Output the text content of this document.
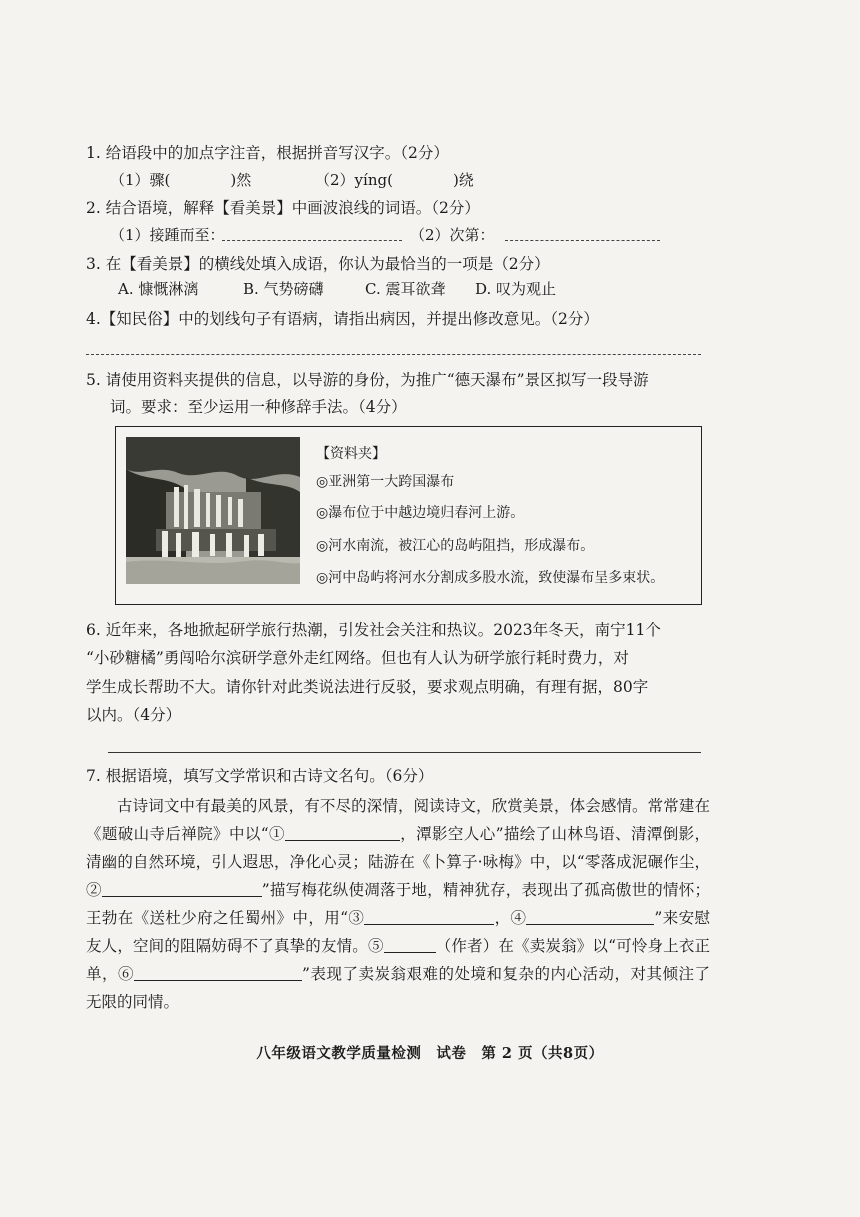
1. 给语段中的加点字注音，根据拼音写汉字。（2分）
（1）骤(	)然	（2）yíng(	)绕
2. 结合语境，解释【看美景】中画波浪线的词语。（2分）
（1）接踵而至：	（2）次第：
3. 在【看美景】的横线处填入成语，你认为最恰当的一项是（2分）
A. 慷慨淋漓	B. 气势磅礴	C. 震耳欲聋 D. 叹为观止
4.【知民俗】中的划线句子有语病，请指出病因，并提出修改意见。（2分）
5. 请使用资料夹提供的信息，以导游的身份，为推广“德天瀑布”景区拟写一段导游
词。要求：至少运用一种修辞手法。（4分）
【资料夹】
◎亚洲第一大跨国瀑布
◎瀑布位于中越边境归春河上游。
◎河水南流，被江心的岛屿阻挡，形成瀑布。
◎河中岛屿将河水分割成多股水流，致使瀑布呈多束状。
6. 近年来，各地掀起研学旅行热潮，引发社会关注和热议。2023年冬天，南宁11个
“小砂糖橘”勇闯哈尔滨研学意外走红网络。但也有人认为研学旅行耗时费力，对
学生成长帮助不大。请你针对此类说法进行反驳，要求观点明确，有理有据，80字
以内。（4分）
7. 根据语境，填写文学常识和古诗文名句。（6分）
古诗词文中有最美的风景，有不尽的深情，阅读诗文，欣赏美景，体会感情。常常建在《题破山寺后禅院》中以“①	，潭影空人心”描绘了山林鸟语、清潭倒影，清幽的自然环境，引人遐思，净化心灵；陆游在《卜算子·咏梅》中，以“零落成泥碾作尘，②	”描写梅花纵使凋落于地，精神犹存，表现出了孤高傲世的情怀；王勃在《送杜少府之任蜀州》中，用“③	，④	”来安慰友人，空间的阻隔妨碍不了真挚的友情。⑤	（作者）在《卖炭翁》以“可怜身上衣正单，⑥	”表现了卖炭翁艰难的处境和复杂的内心活动，对其倾注了无限的同情。
八年级语文教学质量检测　试卷　第 2 页（共8页）
